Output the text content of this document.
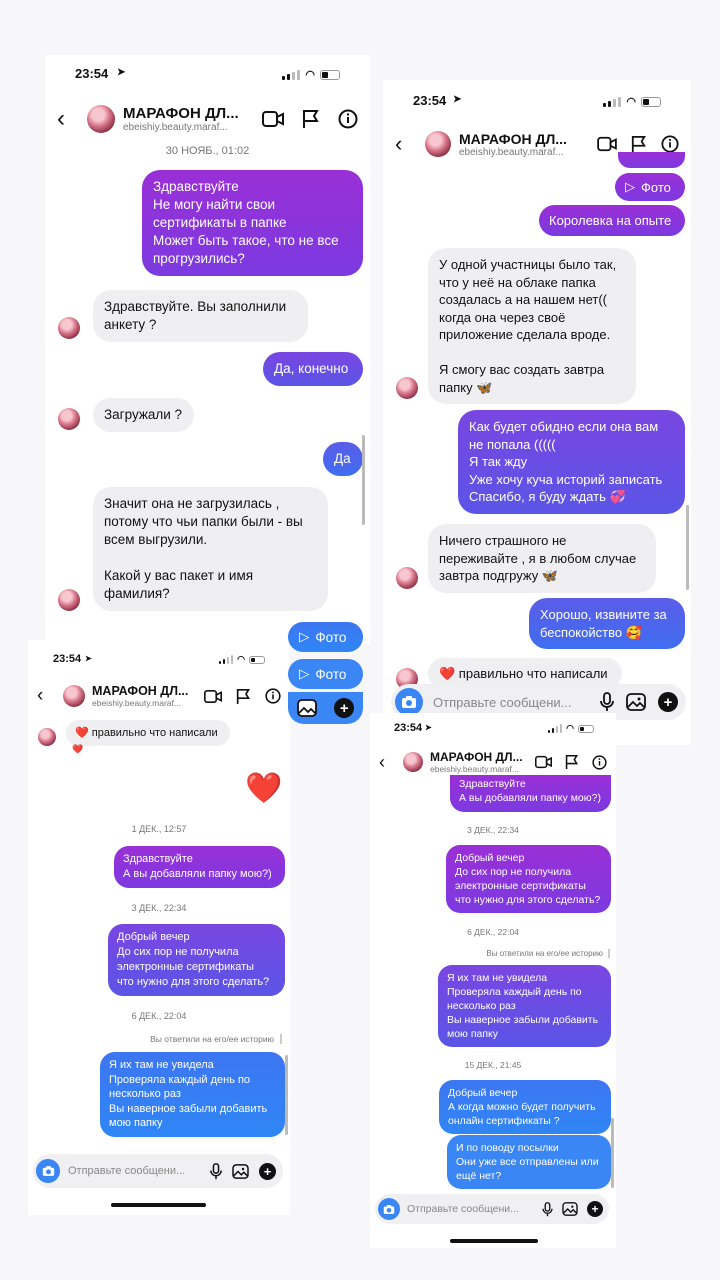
23:54 ➤	◠
‹	МАРАФОН ДЛ...
ebeishiy.beauty.maraf...
30 НОЯБ., 01:02
Здравствуйте
Не могу найти свои сертификаты в папке
Может быть такое, что не все прогрузились?
Здравствуйте. Вы заполнили анкету ?
Да, конечно
Загружали ?
Да
Значит она не загрузилась , потому что чьи папки были - вы всем выгрузили.

Какой у вас пакет и имя фамилия?
23:54 ➤	◠
‹	МАРАФОН ДЛ...
ebeishiy.beauty.maraf...
▷ Фото
Королевка на опыте
У одной участницы было так, что у неё на облаке папка создалась а на нашем нет(( когда она через своё приложение сделала вроде.

Я смогу вас создать завтра папку 🦋
Как будет обидно если она вам не попала (((((
Я так жду
Уже хочу куча историй записать
Спасибо, я буду ждать 💞
Ничего страшного не переживайте , я в любом случае завтра подгружу 🦋
Хорошо, извините за беспокойство 🥰
❤️ правильно что написали
Отправьте сообщени...	+
23:54 ➤	◠
‹	МАРАФОН ДЛ...
ebeishiy.beauty.maraf...
❤️ правильно что написали
❤️
❤️
1 ДЕК., 12:57
Здравствуйте
А вы добавляли папку мою?)
3 ДЕК., 22:34
Добрый вечер
До сих пор не получила электронные сертификаты
что нужно для этого сделать?
6 ДЕК., 22:04
Вы ответили на его/ее историю
Я их там не увидела
Проверяла каждый день по несколько раз
Вы наверное забыли добавить мою папку
Отправьте сообщени...	+
▷ Фото
▷ Фото
+
23:54 ➤	◠
‹	МАРАФОН ДЛ...
ebeishiy.beauty.maraf...
Здравствуйте
А вы добавляли папку мою?)
3 ДЕК., 22:34
Добрый вечер
До сих пор не получила электронные сертификаты
что нужно для этого сделать?
6 ДЕК., 22:04
Вы ответили на его/ее историю
Я их там не увидела
Проверяла каждый день по несколько раз
Вы наверное забыли добавить мою папку
15 ДЕК., 21:45
Добрый вечер
А когда можно будет получить онлайн сертификаты ?
И по поводу посылки
Они уже все отправлены или ещё нет?
Отправьте сообщени...	+
